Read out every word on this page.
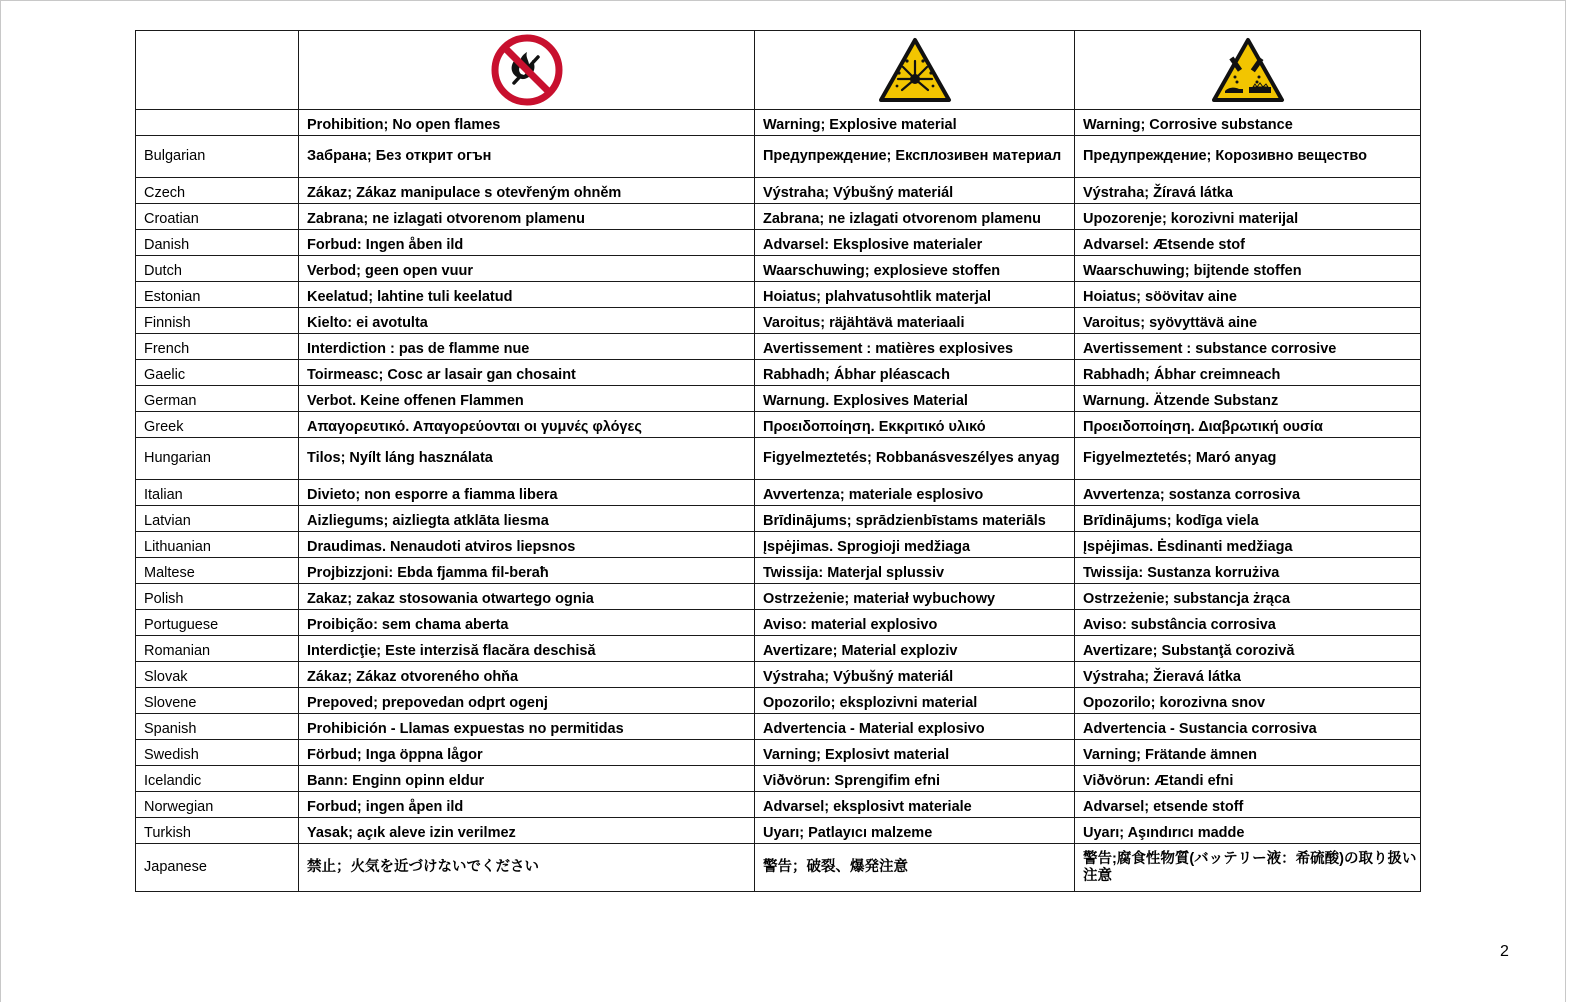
	Prohibition; No open flames	Warning; Explosive material	Warning; Corrosive substance
Bulgarian	Забрана; Без открит огън	Предупреждение; Експлозивен материал	Предупреждение; Корозивно вещество
Czech	Zákaz; Zákaz manipulace s otevřeným ohněm	Výstraha; Výbušný materiál	Výstraha; Žíravá látka
Croatian	Zabrana; ne izlagati otvorenom plamenu	Zabrana; ne izlagati otvorenom plamenu	Upozorenje; korozivni materijal
Danish	Forbud: Ingen åben ild	Advarsel: Eksplosive materialer	Advarsel: Ætsende stof
Dutch	Verbod; geen open vuur	Waarschuwing; explosieve stoffen	Waarschuwing; bijtende stoffen
Estonian	Keelatud; lahtine tuli keelatud	Hoiatus; plahvatusohtlik materjal	Hoiatus; söövitav aine
Finnish	Kielto: ei avotulta	Varoitus; räjähtävä materiaali	Varoitus; syövyttävä aine
French	Interdiction : pas de flamme nue	Avertissement : matières explosives	Avertissement : substance corrosive
Gaelic	Toirmeasc; Cosc ar lasair gan chosaint	Rabhadh; Ábhar pléascach	Rabhadh; Ábhar creimneach
German	Verbot. Keine offenen Flammen	Warnung. Explosives Material	Warnung. Ätzende Substanz
Greek	Απαγορευτικό. Απαγορεύονται οι γυμνές φλόγες	Προειδοποίηση. Εκκριτικό υλικό	Προειδοποίηση. Διαβρωτική ουσία
Hungarian	Tilos; Nyílt láng használata	Figyelmeztetés; Robbanásveszélyes anyag	Figyelmeztetés; Maró anyag
Italian	Divieto; non esporre a fiamma libera	Avvertenza; materiale esplosivo	Avvertenza; sostanza corrosiva
Latvian	Aizliegums; aizliegta atklāta liesma	Brīdinājums; sprādzienbīstams materiāls	Brīdinājums; kodīga viela
Lithuanian	Draudimas. Nenaudoti atviros liepsnos	Įspėjimas. Sprogioji medžiaga	Įspėjimas. Ėsdinanti medžiaga
Maltese	Projbizzjoni: Ebda fjamma fil-beraħ	Twissija: Materjal splussiv	Twissija: Sustanza korrużiva
Polish	Zakaz; zakaz stosowania otwartego ognia	Ostrzeżenie; materiał wybuchowy	Ostrzeżenie; substancja żrąca
Portuguese	Proibição: sem chama aberta	Aviso: material explosivo	Aviso: substância corrosiva
Romanian	Interdicţie; Este interzisă flacăra deschisă	Avertizare; Material exploziv	Avertizare; Substanţă corozivă
Slovak	Zákaz; Zákaz otvoreného ohňa	Výstraha; Výbušný materiál	Výstraha; Žieravá látka
Slovene	Prepoved; prepovedan odprt ogenj	Opozorilo; eksplozivni material	Opozorilo; korozivna snov
Spanish	Prohibición - Llamas expuestas no permitidas	Advertencia - Material explosivo	Advertencia - Sustancia corrosiva
Swedish	Förbud; Inga öppna lågor	Varning; Explosivt material	Varning; Frätande ämnen
Icelandic	Bann: Enginn opinn eldur	Viðvörun: Sprengifim efni	Viðvörun: Ætandi efni
Norwegian	Forbud; ingen åpen ild	Advarsel; eksplosivt materiale	Advarsel; etsende stoff
Turkish	Yasak; açık aleve izin verilmez	Uyarı; Patlayıcı malzeme	Uyarı; Aşındırıcı madde
Japanese	禁止；火気を近づけないでください	警告；破裂、爆発注意	警告;腐食性物質(バッテリー液：希硫酸)の取り扱い注意
2
